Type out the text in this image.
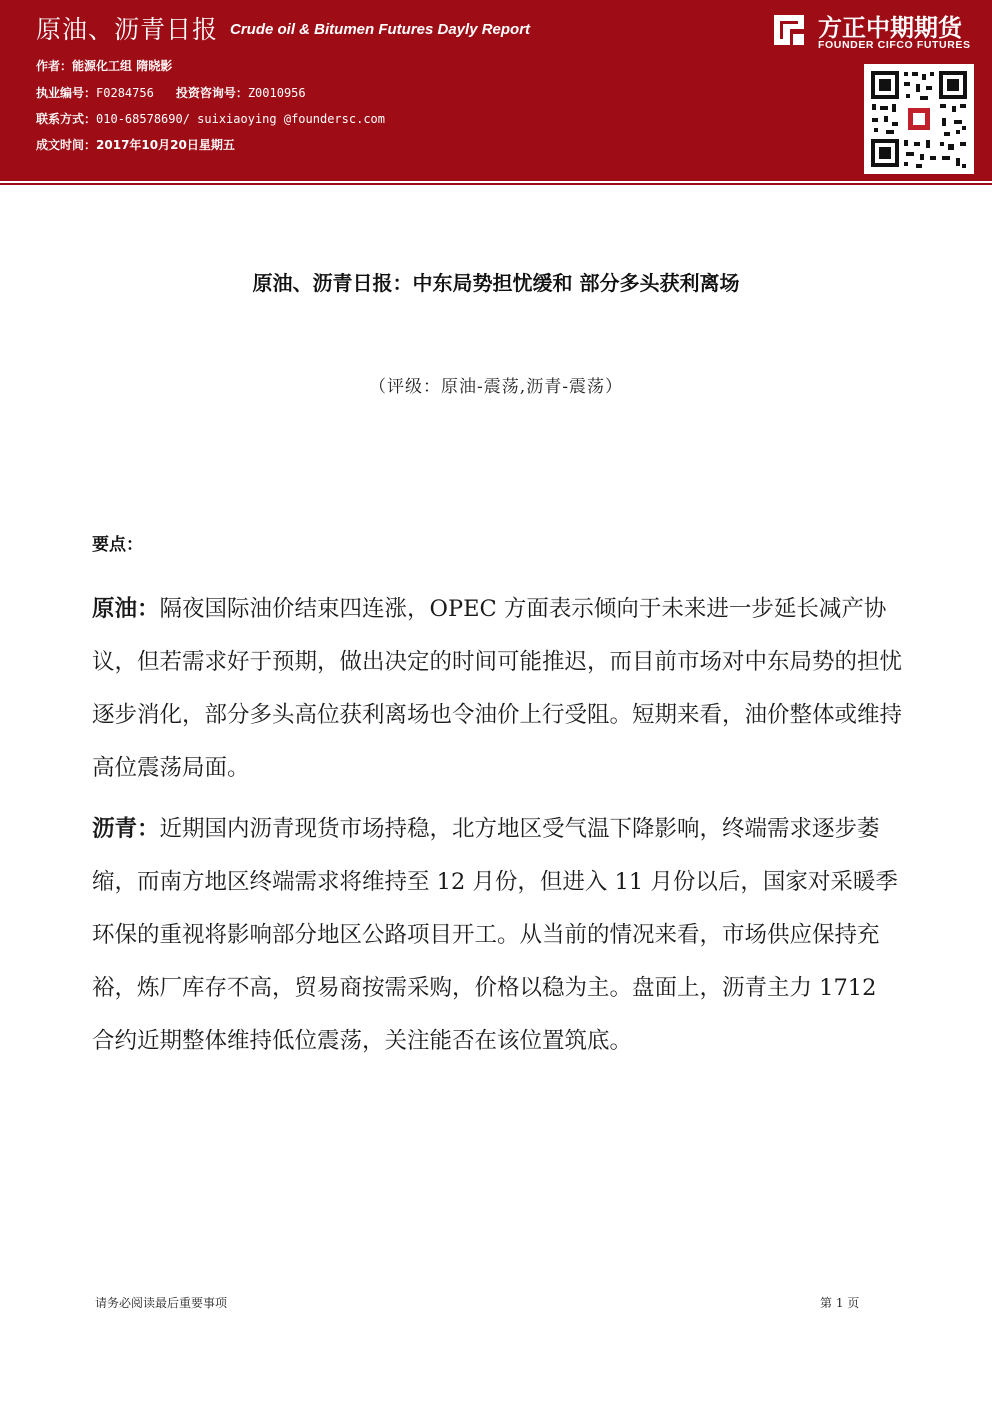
原油、沥青日报 Crude oil & Bitumen Futures Dayly Report
作者：能源化工组 隋晓影
执业编号：F0284756 投资咨询号：Z0010956
联系方式：010-68578690/ suixiaoying @foundersc.com
成文时间：2017年10月20日星期五
方正中期期货
FOUNDER CIFCO FUTURES
原油、沥青日报：中东局势担忧缓和 部分多头获利离场
（评级：原油-震荡,沥青-震荡）
要点：
原油：隔夜国际油价结束四连涨，OPEC 方面表示倾向于未来进一步延长减产协议，但若需求好于预期，做出决定的时间可能推迟，而目前市场对中东局势的担忧逐步消化，部分多头高位获利离场也令油价上行受阻。短期来看，油价整体或维持高位震荡局面。
沥青：近期国内沥青现货市场持稳，北方地区受气温下降影响，终端需求逐步萎缩，而南方地区终端需求将维持至 12 月份，但进入 11 月份以后，国家对采暖季环保的重视将影响部分地区公路项目开工。从当前的情况来看，市场供应保持充裕，炼厂库存不高，贸易商按需采购，价格以稳为主。盘面上，沥青主力 1712 合约近期整体维持低位震荡，关注能否在该位置筑底。
请务必阅读最后重要事项	第 1 页
